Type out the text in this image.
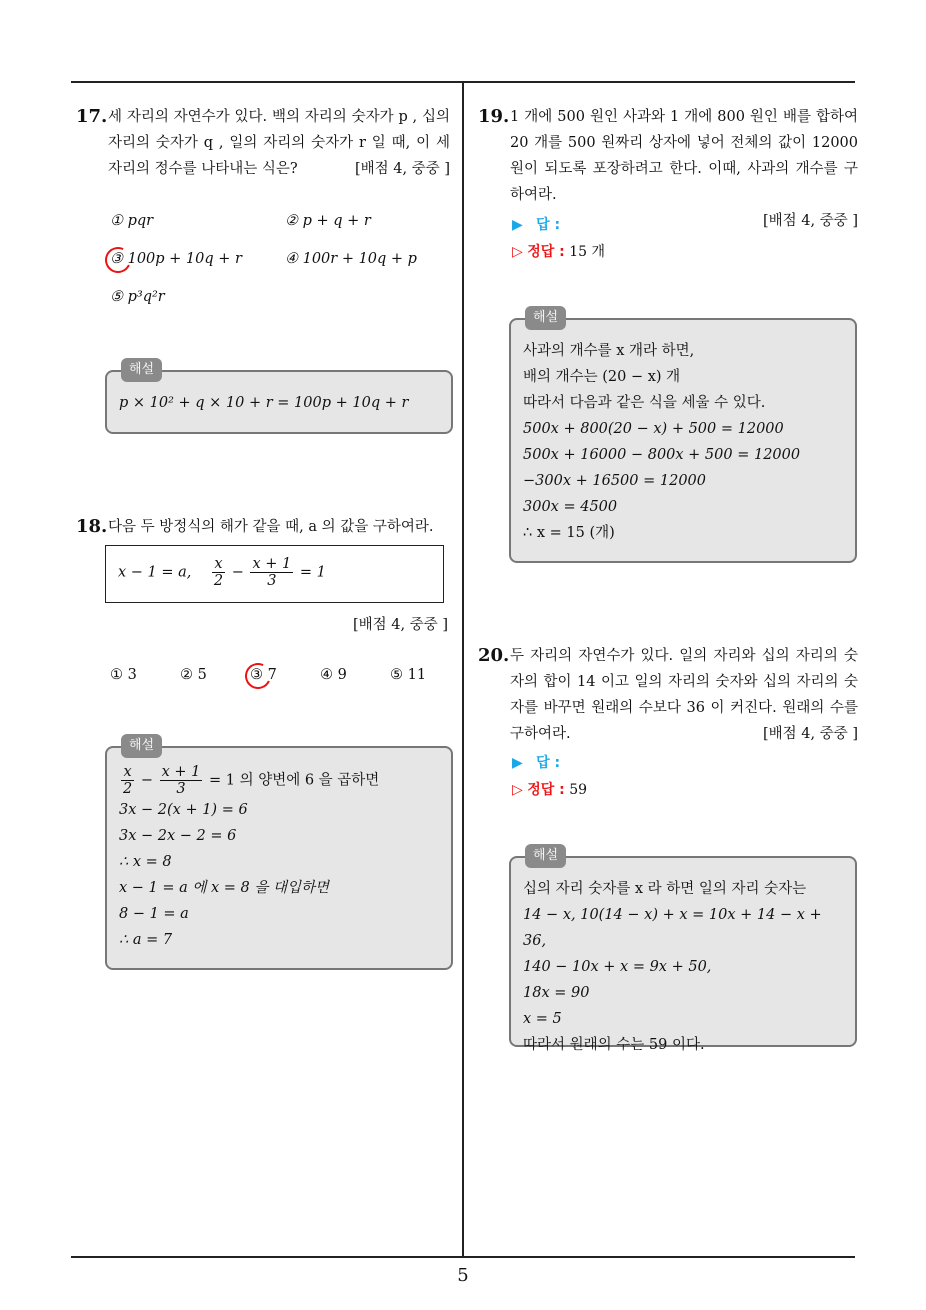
5
17. 세 자리의 자연수가 있다. 백의 자리의 숫자가 p , 십의 자리의 숫자가 q , 일의 자리의 숫자가 r 일 때, 이 세 자리의 정수를 나타내는 식은?	[배점 4, 중중 ]
① pqr	② p + q + r
③ 100p + 10q + r	④ 100r + 10q + p
⑤ p³q²r
해설
p × 10² + q × 10 + r = 100p + 10q + r
18. 다음 두 방정식의 해가 같을 때, a 의 값을 구하여라.
x − 1 = a, $\frac{x}{2} - \frac{x + 1}{3} = 1$
[배점 4, 중중 ]
① 3	② 5	③ 7	④ 9	⑤ 11
해설
$\frac{x}{2} - \frac{x + 1}{3} = 1$ 의 양변에 6 을 곱하면
3x − 2(x + 1) = 6
3x − 2x − 2 = 6
∴ x = 8
x − 1 = a 에 x = 8 을 대입하면
8 − 1 = a
∴ a = 7
19. 1 개에 500 원인 사과와 1 개에 800 원인 배를 합하여 20 개를 500 원짜리 상자에 넣어 전체의 값이 12000 원이 되도록 포장하려고 한다. 이때, 사과의 개수를 구하여라.
[배점 4, 중중 ]
▶ 답 :
▷ 정답 : 15 개
해설
사과의 개수를 x 개라 하면,
배의 개수는 (20 − x) 개
따라서 다음과 같은 식을 세울 수 있다.
500x + 800(20 − x) + 500 = 12000
500x + 16000 − 800x + 500 = 12000
−300x + 16500 = 12000
300x = 4500
∴ x = 15 (개)
20. 두 자리의 자연수가 있다. 일의 자리와 십의 자리의 숫자의 합이 14 이고 일의 자리의 숫자와 십의 자리의 숫자를 바꾸면 원래의 수보다 36 이 커진다. 원래의 수를 구하여라.	[배점 4, 중중 ]
▶ 답 :
▷ 정답 : 59
해설
십의 자리 숫자를 x 라 하면 일의 자리 숫자는
14 − x, 10(14 − x) + x = 10x + 14 − x + 36,
140 − 10x + x = 9x + 50,
18x = 90
x = 5
따라서 원래의 수는 59 이다.
